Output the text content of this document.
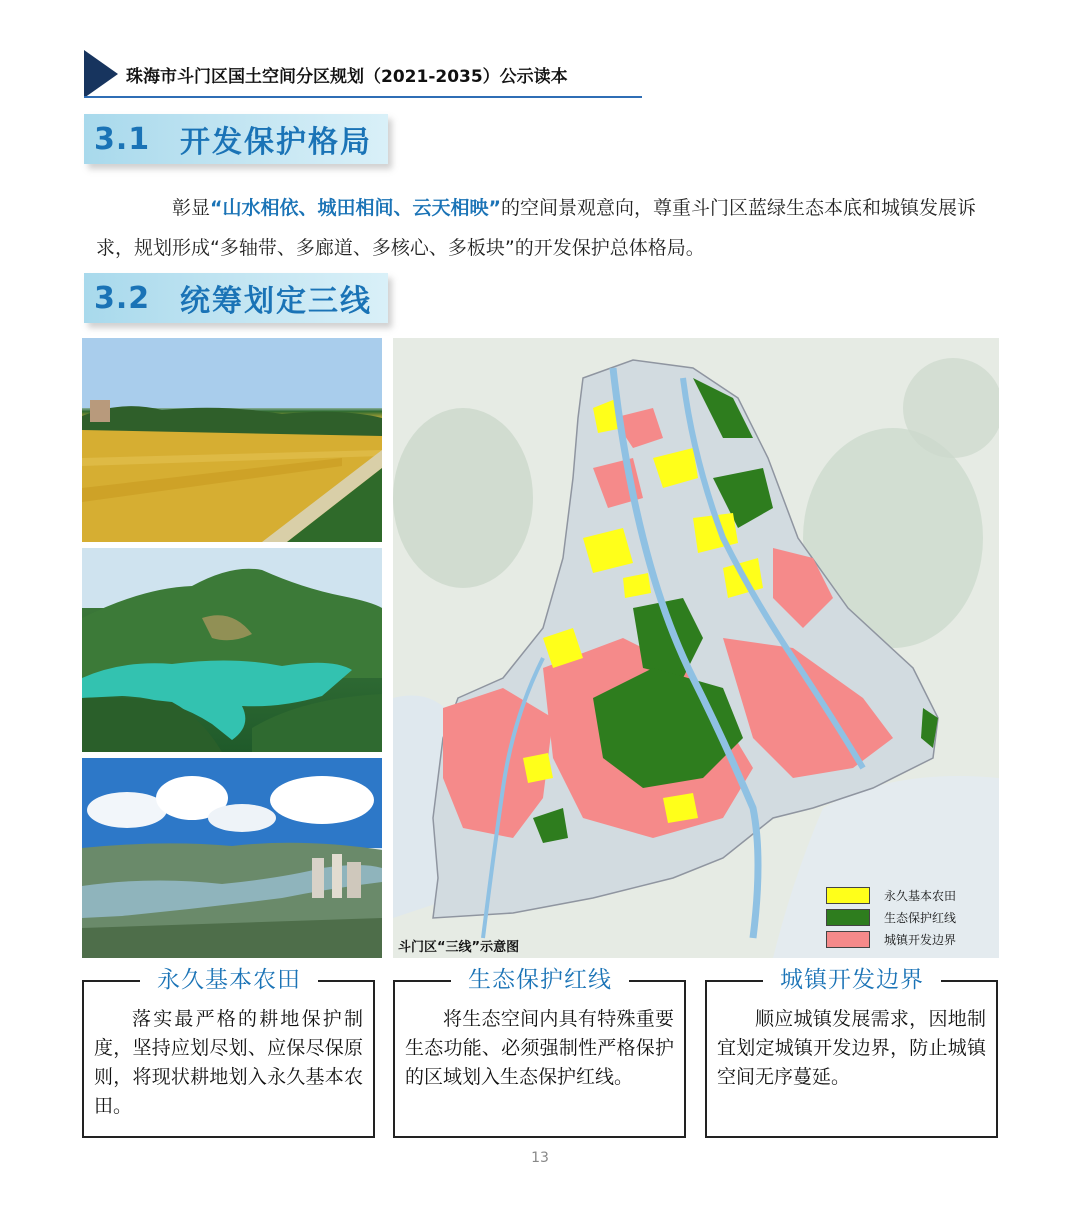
珠海市斗门区国土空间分区规划（2021-2035）公示读本
3.1 开发保护格局
彰显“山水相依、城田相间、云天相映”的空间景观意向，尊重斗门区蓝绿生态本底和城镇发展诉求，规划形成“多轴带、多廊道、多核心、多板块”的开发保护总体格局。
3.2 统筹划定三线
斗门区“三线”示意图
永久基本农田
生态保护红线
城镇开发边界
落实最严格的耕地保护制度，坚持应划尽划、应保尽保原则，将现状耕地划入永久基本农田。
永久基本农田
将生态空间内具有特殊重要生态功能、必须强制性严格保护的区域划入生态保护红线。
生态保护红线
顺应城镇发展需求，因地制宜划定城镇开发边界，防止城镇空间无序蔓延。
城镇开发边界
13
